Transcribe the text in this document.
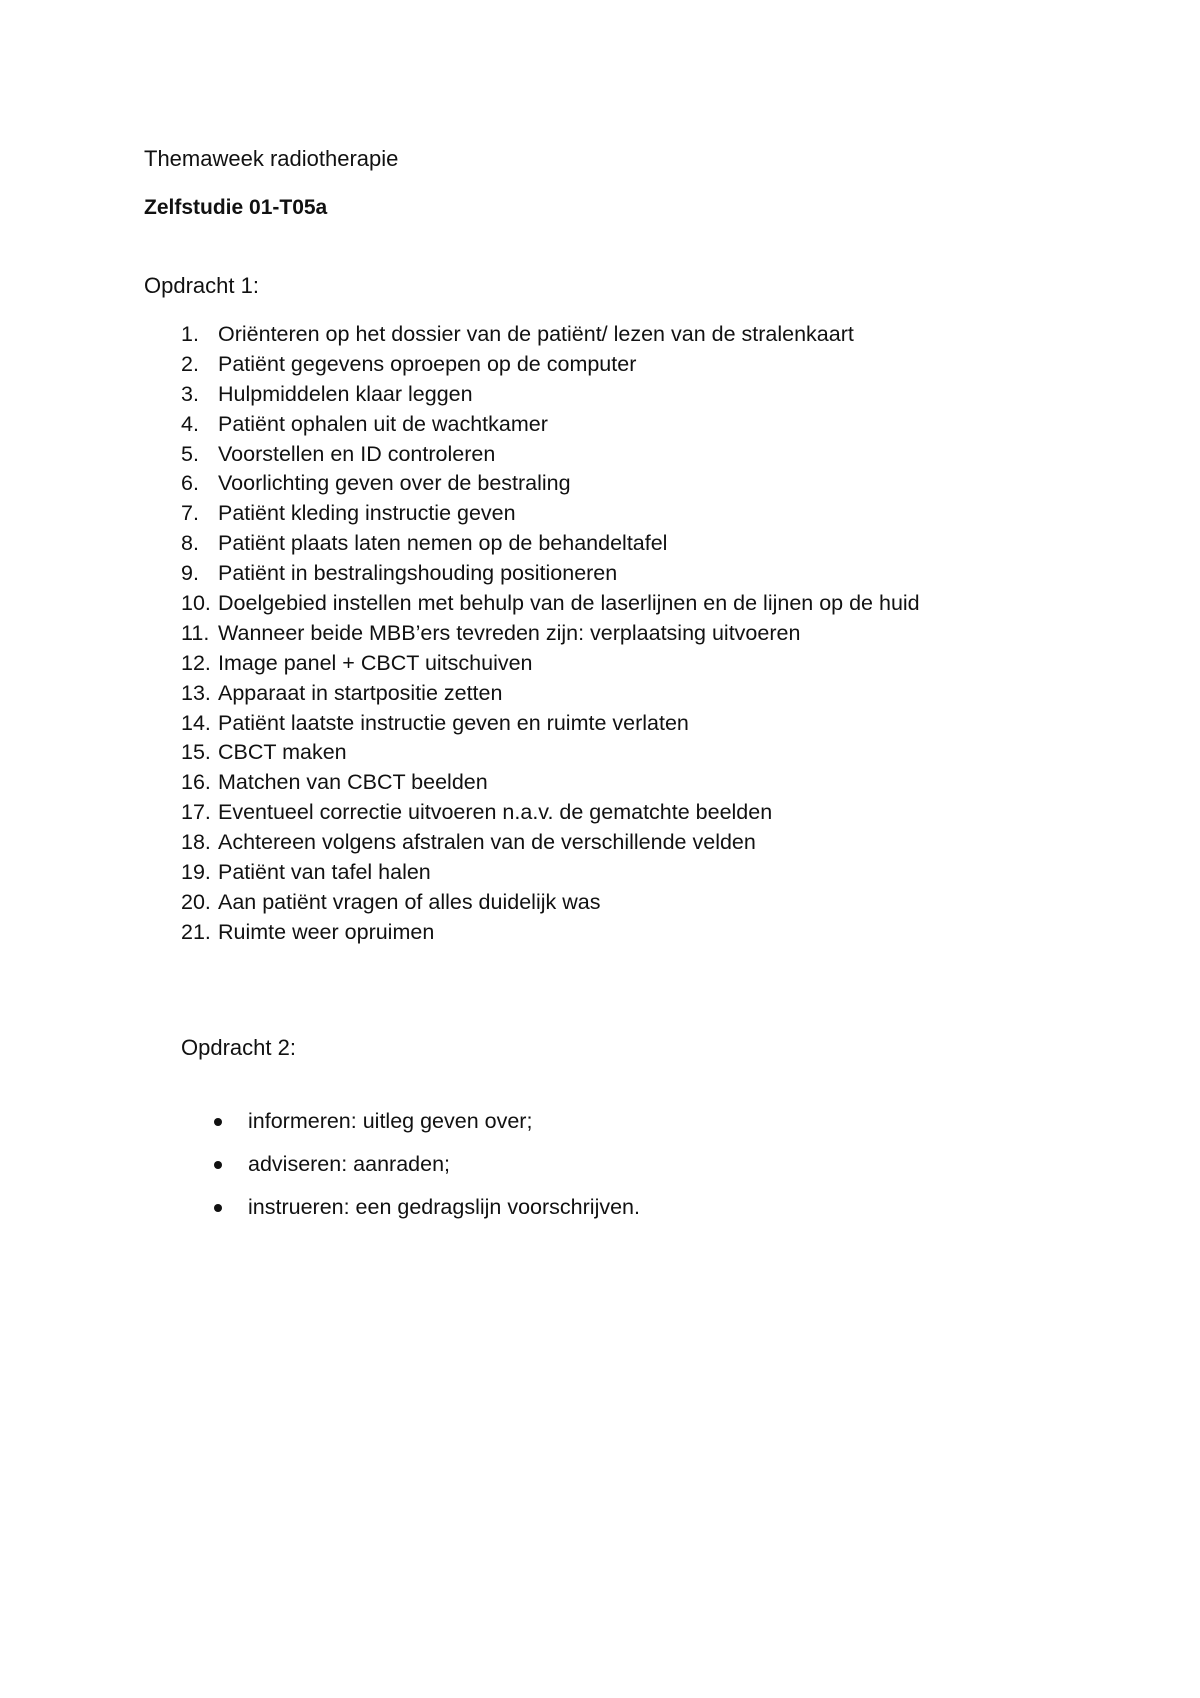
Themaweek radiotherapie
Zelfstudie 01-T05a
Opdracht 1:
1. Oriënteren op het dossier van de patiënt/ lezen van de stralenkaart
2. Patiënt gegevens oproepen op de computer
3. Hulpmiddelen klaar leggen
4. Patiënt ophalen uit de wachtkamer
5. Voorstellen en ID controleren
6. Voorlichting geven over de bestraling
7. Patiënt kleding instructie geven
8. Patiënt plaats laten nemen op de behandeltafel
9. Patiënt in bestralingshouding positioneren
10. Doelgebied instellen met behulp van de laserlijnen en de lijnen op de huid
11. Wanneer beide MBB’ers tevreden zijn: verplaatsing uitvoeren
12. Image panel + CBCT uitschuiven
13. Apparaat in startpositie zetten
14. Patiënt laatste instructie geven en ruimte verlaten
15. CBCT maken
16. Matchen van CBCT beelden
17. Eventueel correctie uitvoeren n.a.v. de gematchte beelden
18. Achtereen volgens afstralen van de verschillende velden
19. Patiënt van tafel halen
20. Aan patiënt vragen of alles duidelijk was
21. Ruimte weer opruimen
Opdracht 2:
informeren: uitleg geven over;
adviseren: aanraden;
instrueren: een gedragslijn voorschrijven.
